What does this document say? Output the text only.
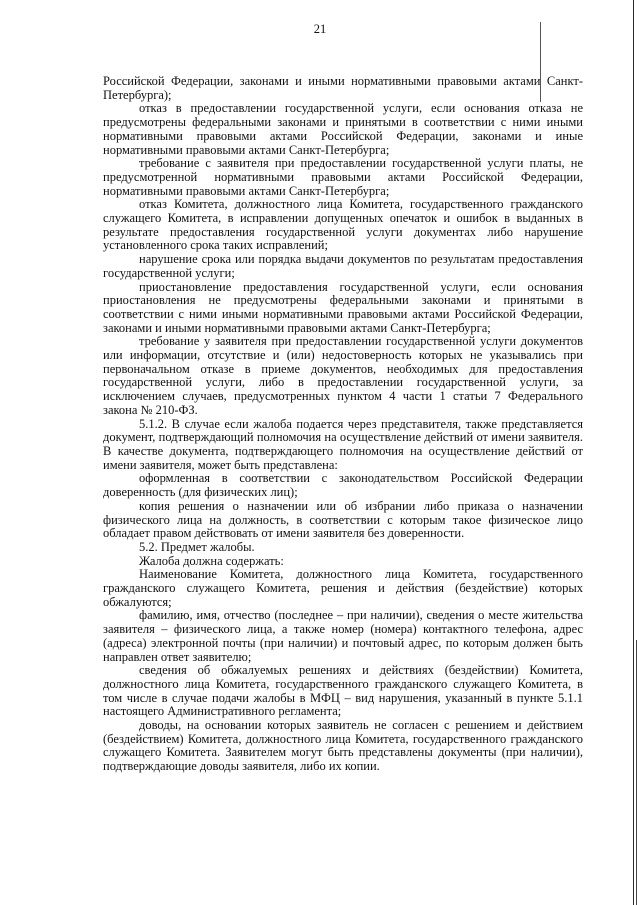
21

Российской Федерации, законами и иными нормативными правовыми актами Санкт-Петербурга);

отказ в предоставлении государственной услуги, если основания отказа не предусмотрены федеральными законами и принятыми в соответствии с ними иными нормативными правовыми актами Российской Федерации, законами и иные нормативными правовыми актами Санкт-Петербурга;

требование с заявителя при предоставлении государственной услуги платы, не предусмотренной нормативными правовыми актами Российской Федерации, нормативными правовыми актами Санкт-Петербурга;

отказ Комитета, должностного лица Комитета, государственного гражданского служащего Комитета, в исправлении допущенных опечаток и ошибок в выданных в результате предоставления государственной услуги документах либо нарушение установленного срока таких исправлений;

нарушение срока или порядка выдачи документов по результатам предоставления государственной услуги;

приостановление предоставления государственной услуги, если основания приостановления не предусмотрены федеральными законами и принятыми в соответствии с ними иными нормативными правовыми актами Российской Федерации, законами и иными нормативными правовыми актами Санкт-Петербурга;

требование у заявителя при предоставлении государственной услуги документов или информации, отсутствие и (или) недостоверность которых не указывались при первоначальном отказе в приеме документов, необходимых для предоставления государственной услуги, либо в предоставлении государственной услуги, за исключением случаев, предусмотренных пунктом 4 части 1 статьи 7 Федерального закона № 210-ФЗ.

5.1.2. В случае если жалоба подается через представителя, также представляется документ, подтверждающий полномочия на осуществление действий от имени заявителя. В качестве документа, подтверждающего полномочия на осуществление действий от имени заявителя, может быть представлена:

оформленная в соответствии с законодательством Российской Федерации доверенность (для физических лиц);

копия решения о назначении или об избрании либо приказа о назначении физического лица на должность, в соответствии с которым такое физическое лицо обладает правом действовать от имени заявителя без доверенности.

5.2. Предмет жалобы.

Жалоба должна содержать:

Наименование Комитета, должностного лица Комитета, государственного гражданского служащего Комитета, решения и действия (бездействие) которых обжалуются;

фамилию, имя, отчество (последнее – при наличии), сведения о месте жительства заявителя – физического лица, а также номер (номера) контактного телефона, адрес (адреса) электронной почты (при наличии) и почтовый адрес, по которым должен быть направлен ответ заявителю;

сведения об обжалуемых решениях и действиях (бездействии) Комитета, должностного лица Комитета, государственного гражданского служащего Комитета, в том числе в случае подачи жалобы в МФЦ – вид нарушения, указанный в пункте 5.1.1 настоящего Административного регламента;

доводы, на основании которых заявитель не согласен с решением и действием (бездействием) Комитета, должностного лица Комитета, государственного гражданского служащего Комитета. Заявителем могут быть представлены документы (при наличии), подтверждающие доводы заявителя, либо их копии.
